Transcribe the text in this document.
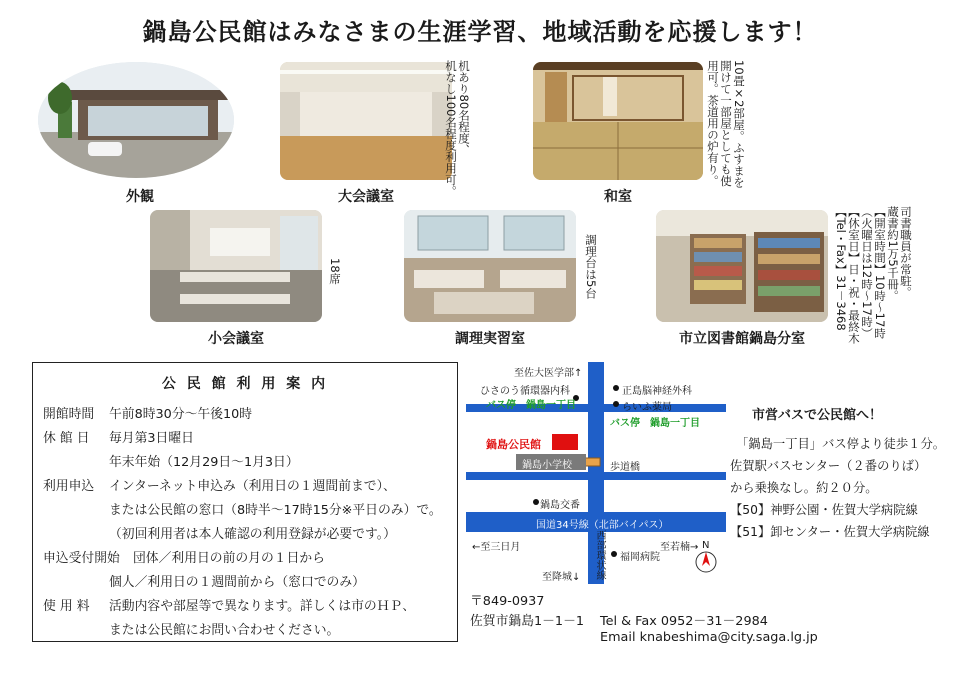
鍋島公民館はみなさまの生涯学習、地域活動を応援します！
外観	大会議室
机あり80名程度、
机なし100名程度利用可。
和室
10畳×2部屋。ふすまを
開けて一部屋としても使
用可。茶道用の炉有り。
小会議室
18席
調理実習室
調理台は5台
市立図書館鍋島分室
司書職員が常駐。
蔵書約1万5千冊。
【開室時間】10時～17時
（火曜日は12時～17時）
【休室日】日・祝・最終木
【Tel・Fax】31－3468
公 民 館 利 用 案 内
開館時間 午前8時30分～午後10時
休 館 日 毎月第3日曜日
年末年始（12月29日～1月3日）
利用申込 インターネット申込み（利用日の１週間前まで）、
または公民館の窓口（8時半～17時15分※平日のみ）で。
（初回利用者は本人確認の利用登録が必要です。）
申込受付開始 団体／利用日の前の月の１日から
個人／利用日の１週間前から（窓口でのみ）
使 用 料 活動内容や部屋等で異なります。詳しくは市のＨＰ、
または公民館にお問い合わせください。
至佐大医学部↑
ひさのう循環器内科	正島脳神経外科
らいふ薬局
バス停　鍋島一丁目
バス停　鍋島一丁目
鍋島公民館
鍋島小学校	歩道橋
鍋島交番
国道34号線（北部バイパス）
←至三日月	至若楠→
西部環状線 福岡病院
至降城↓
N
市営バスで公民館へ！
「鍋島一丁目」バス停より徒歩１分。
佐賀駅バスセンター（２番のりば）
から乗換なし。約２０分。
【50】神野公園・佐賀大学病院線
【51】卸センター・佐賀大学病院線
〒849-0937
佐賀市鍋島1－1－1 Tel & Fax 0952－31－2984
Email knabeshima@city.saga.lg.jp
